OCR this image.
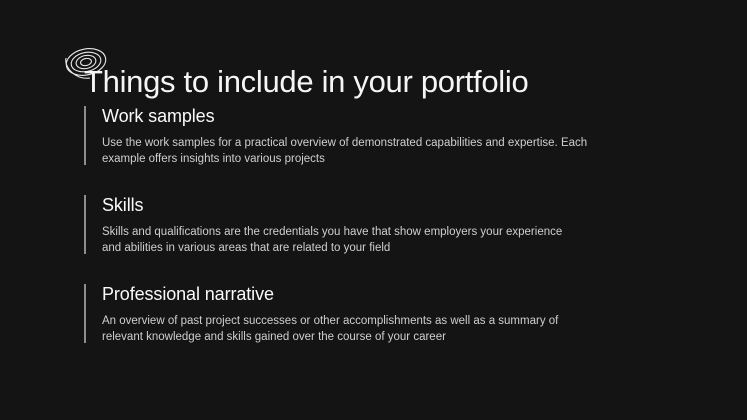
Things to include in your portfolio
Work samples

Use the work samples for a practical overview of demonstrated capabilities and expertise. Each example offers insights into various projects

Skills

Skills and qualifications are the credentials you have that show employers your experience and abilities in various areas that are related to your field

Professional narrative

An overview of past project successes or other accomplishments as well as a summary of relevant knowledge and skills gained over the course of your career
